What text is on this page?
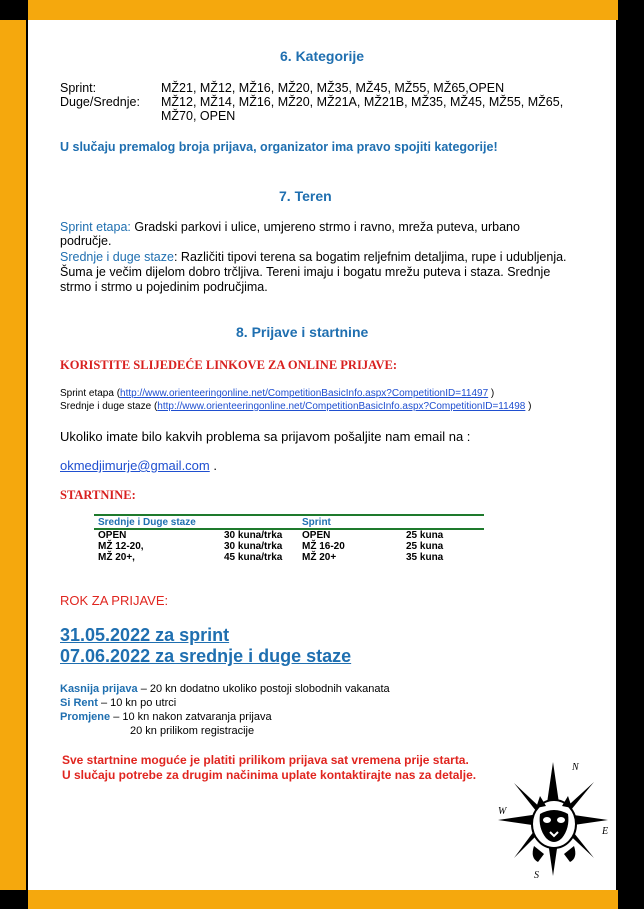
6. Kategorije
Sprint:	MŽ21, MŽ12, MŽ16, MŽ20, MŽ35, MŽ45, MŽ55, MŽ65,OPEN
Duge/Srednje: MŽ12, MŽ14, MŽ16, MŽ20, MŽ21A, MŽ21B, MŽ35, MŽ45, MŽ55, MŽ65,
MŽ70, OPEN
U slučaju premalog broja prijava, organizator ima pravo spojiti kategorije!
7. Teren
Sprint etapa: Gradski parkovi i ulice, umjereno strmo i ravno, mreža puteva, urbano
područje.
Srednje i duge staze: Različiti tipovi terena sa bogatim reljefnim detaljima, rupe i udubljenja.
Šuma je večim dijelom dobro trčljiva. Tereni imaju i bogatu mrežu puteva i staza. Srednje
strmo i strmo u pojedinim područjima.
8. Prijave i startnine
KORISTITE SLIJEDEĆE LINKOVE ZA ONLINE PRIJAVE:
Sprint etapa (http://www.orienteeringonline.net/CompetitionBasicInfo.aspx?CompetitionID=11497 )
Srednje i duge staze (http://www.orienteeringonline.net/CompetitionBasicInfo.aspx?CompetitionID=11498 )
Ukoliko imate bilo kakvih problema sa prijavom pošaljite nam email na :
okmedjimurje@gmail.com .
STARTNINE:
Srednje i Duge staze		Sprint	
OPEN	30 kuna/trka	OPEN	25 kuna
MŽ 12-20,	30 kuna/trka	MŽ 16-20	25 kuna
MŽ 20+,	45 kuna/trka	MŽ 20+	35 kuna
ROK ZA PRIJAVE:
31.05.2022 za sprint
07.06.2022 za srednje i duge staze
Kasnija prijava – 20 kn dodatno ukoliko postoji slobodnih vakanata
Si Rent – 10 kn po utrci
Promjene – 10 kn nakon zatvaranja prijava
20 kn prilikom registracije
Sve startnine moguće je platiti prilikom prijava sat vremena prije starta.
U slučaju potrebe za drugim načinima uplate kontaktirajte nas za detalje.
N
E
S
W
